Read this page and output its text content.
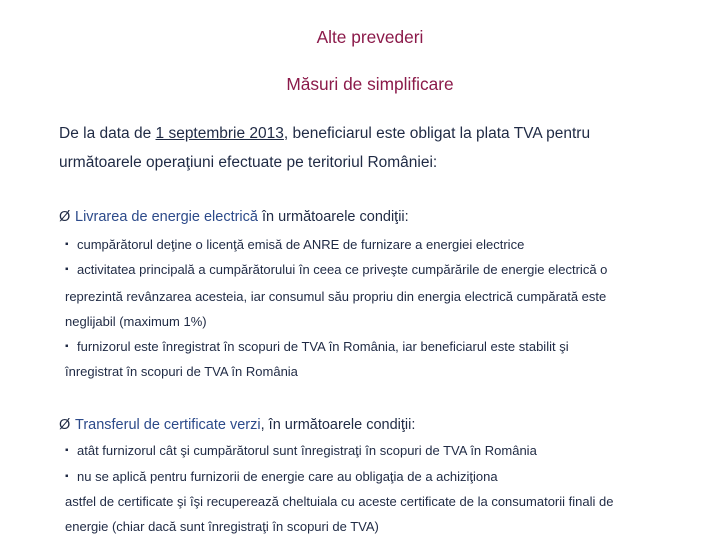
Alte prevederi
Măsuri de simplificare
De la data de 1 septembrie 2013, beneficiarul este obligat la plata TVA pentru
următoarele operaţiuni efectuate pe teritoriul României:
Ø Livrarea de energie electrică în următoarele condiţii:
▪ cumpărătorul deţine o licenţă emisă de ANRE de furnizare a energiei electrice
▪ activitatea principală a cumpărătorului în ceea ce priveşte cumpărările de energie electrică o
reprezintă revânzarea acesteia, iar consumul său propriu din energia electrică cumpărată este
neglijabil (maximum 1%)
▪ furnizorul este înregistrat în scopuri de TVA în România, iar beneficiarul este stabilit şi
înregistrat în scopuri de TVA în România
Ø Transferul de certificate verzi, în următoarele condiţii:
▪ atât furnizorul cât şi cumpărătorul sunt înregistraţi în scopuri de TVA în România
▪ nu se aplică pentru furnizorii de energie care au obligaţia de a achiziţiona
astfel de certificate şi îşi recuperează cheltuiala cu aceste certificate de la consumatorii finali de
energie (chiar dacă sunt înregistraţi în scopuri de TVA)
